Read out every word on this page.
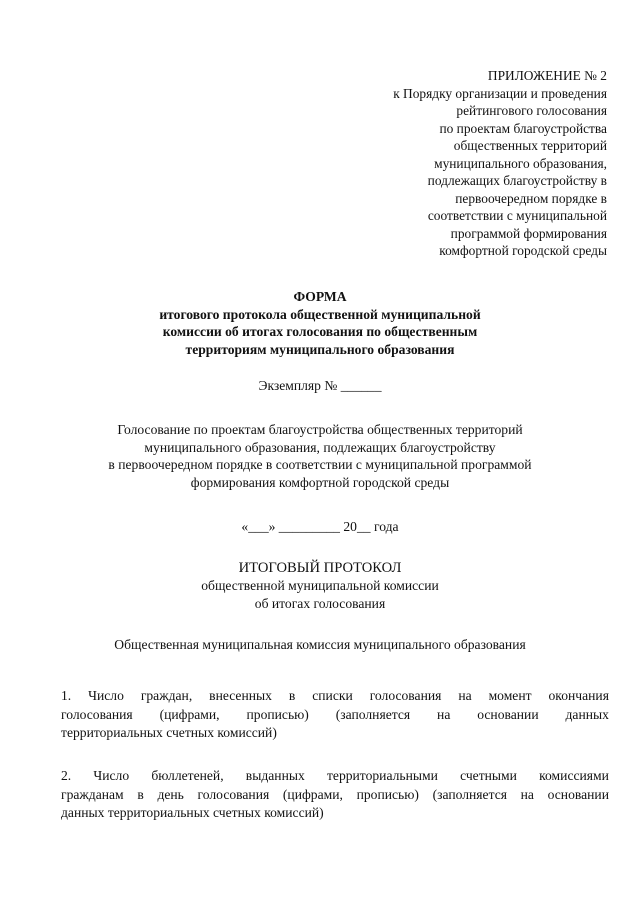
ПРИЛОЖЕНИЕ № 2
к Порядку организации и проведения
рейтингового голосования
по проектам благоустройства
общественных территорий
муниципального образования,
подлежащих благоустройству в
первоочередном порядке в
соответствии с муниципальной
программой формирования
комфортной городской среды
ФОРМА
итогового протокола общественной муниципальной
комиссии об итогах голосования по общественным
территориям муниципального образования
Экземпляр № ______
Голосование по проектам благоустройства общественных территорий
муниципального образования, подлежащих благоустройству
в первоочередном порядке в соответствии с муниципальной программой
формирования комфортной городской среды
«___» _________ 20__ года
ИТОГОВЫЙ ПРОТОКОЛ
общественной муниципальной комиссии
об итогах голосования
Общественная муниципальная комиссия муниципального образования
1. Число граждан, внесенных в списки голосования на момент окончания
голосования (цифрами, прописью) (заполняется на основании данных
территориальных счетных комиссий)
2. Число бюллетеней, выданных территориальными счетными комиссиями
гражданам в день голосования (цифрами, прописью) (заполняется на основании
данных территориальных счетных комиссий)
